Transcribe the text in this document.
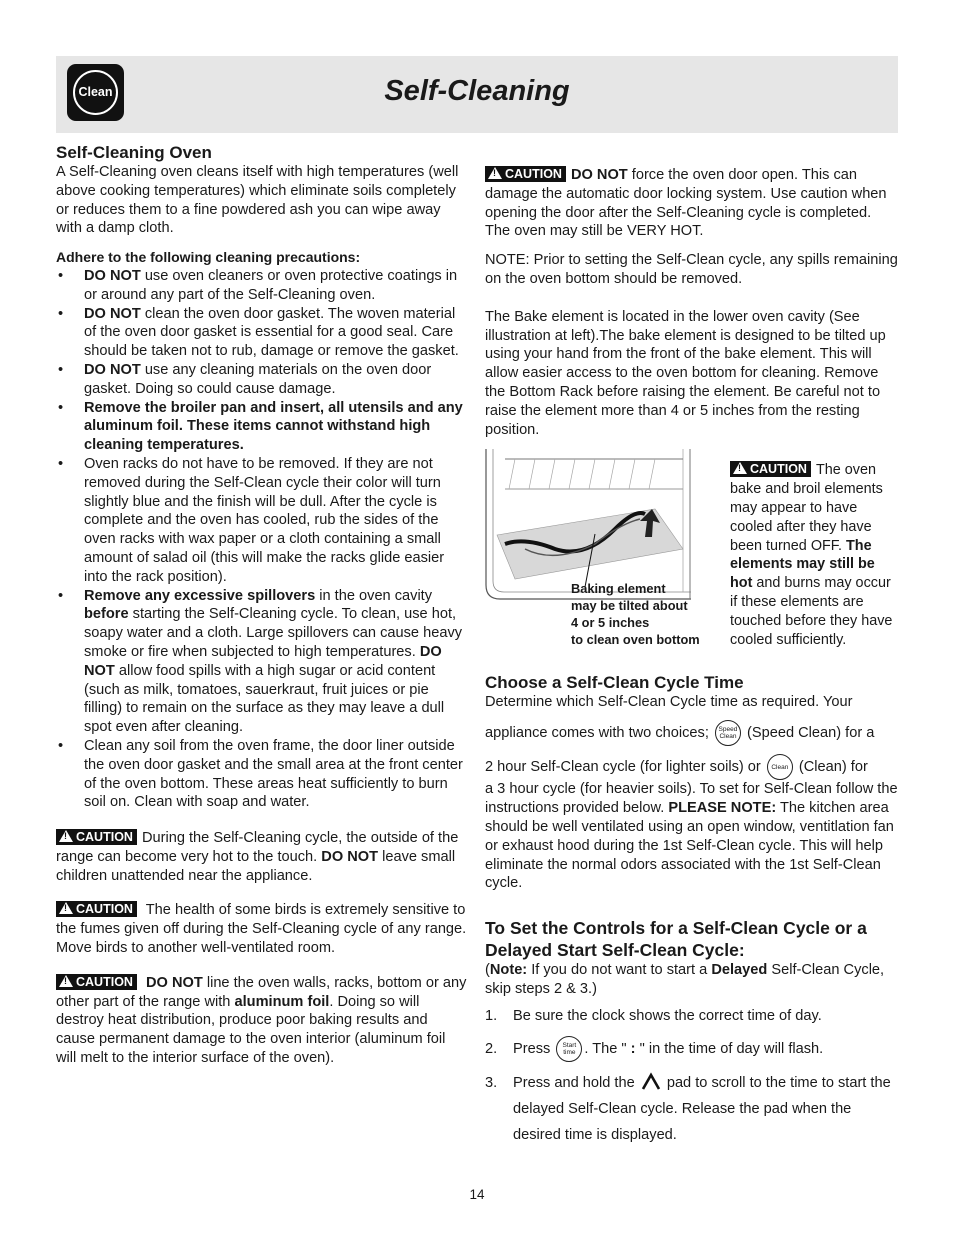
Clean	Self-Cleaning
Self-Cleaning Oven

A Self-Cleaning oven cleans itself with high temperatures (well above cooking temperatures) which eliminate soils completely or reduces them to a fine powdered ash you can wipe away with a damp cloth.

Adhere to the following cleaning precautions:

• DO NOT use oven cleaners or oven protective coatings in or around any part of the Self-Cleaning oven.
• DO NOT clean the oven door gasket. The woven material of the oven door gasket is essential for a good seal. Care should be taken not to rub, damage or remove the gasket.
• DO NOT use any cleaning materials on the oven door gasket. Doing so could cause damage.
• Remove the broiler pan and insert, all utensils and any aluminum foil. These items cannot withstand high cleaning temperatures.
• Oven racks do not have to be removed. If they are not removed during the Self-Clean cycle their color will turn slightly blue and the finish will be dull. After the cycle is complete and the oven has cooled, rub the sides of the oven racks with wax paper or a cloth containing a small amount of salad oil (this will make the racks glide easier into the rack position).
• Remove any excessive spillovers in the oven cavity before starting the Self-Cleaning cycle. To clean, use hot, soapy water and a cloth. Large spillovers can cause heavy smoke or fire when subjected to high temperatures. DO NOT allow food spills with a high sugar or acid content (such as milk, tomatoes, sauerkraut, fruit juices or pie filling) to remain on the surface as they may leave a dull spot even after cleaning.
• Clean any soil from the oven frame, the door liner outside the oven door gasket and the small area at the front center of the oven bottom. These areas heat sufficiently to burn soil on. Clean with soap and water.

!CAUTION During the Self-Cleaning cycle, the outside of the range can become very hot to the touch. DO NOT leave small children unattended near the appliance.

!CAUTION The health of some birds is extremely sensitive to the fumes given off during the Self-Cleaning cycle of any range. Move birds to another well-ventilated room.

!CAUTION DO NOT line the oven walls, racks, bottom or any other part of the range with aluminum foil. Doing so will destroy heat distribution, produce poor baking results and cause permanent damage to the oven interior (aluminum foil will melt to the interior surface of the oven).

!CAUTION DO NOT force the oven door open. This can damage the automatic door locking system. Use caution when opening the door after the Self-Cleaning cycle is completed. The oven may still be VERY HOT.

NOTE: Prior to setting the Self-Clean cycle, any spills remaining on the oven bottom should be removed.

The Bake element is located in the lower oven cavity (See illustration at left).The bake element is designed to be tilted up using your hand from the front of the bake element. This will allow easier access to the oven bottom for cleaning. Remove the Bottom Rack before raising the element. Be careful not to raise the element more than 4 or 5 inches from the resting position.

Baking element
may be tilted about
4 or 5 inches
to clean oven bottom
!CAUTION The oven bake and broil elements may appear to have cooled after they have been turned OFF. The elements may still be hot and burns may occur if these elements are touched before they have cooled sufficiently.
Choose a Self-Clean Cycle Time

Determine which Self-Clean Cycle time as required. Your

appliance comes with two choices; Speed
Clean (Speed Clean) for a

2 hour Self-Clean cycle (for lighter soils) or Clean (Clean) for

a 3 hour cycle (for heavier soils). To set for Self-Clean follow the instructions provided below. PLEASE NOTE: The kitchen area should be well ventilated using an open window, ventitlation fan or exhaust hood during the 1st Self-Clean cycle. This will help eliminate the normal odors associated with the 1st Self-Clean cycle.

To Set the Controls for a Self-Clean Cycle or a Delayed Start Self-Clean Cycle:

(Note: If you do not want to start a Delayed Self-Clean Cycle, skip steps 2 & 3.)

1. Be sure the clock shows the correct time of day.
2. Press Start
time . The " : " in the time of day will flash.
3. Press and hold the pad to scroll to the time to start the delayed Self-Clean cycle. Release the pad when the desired time is displayed.
14
